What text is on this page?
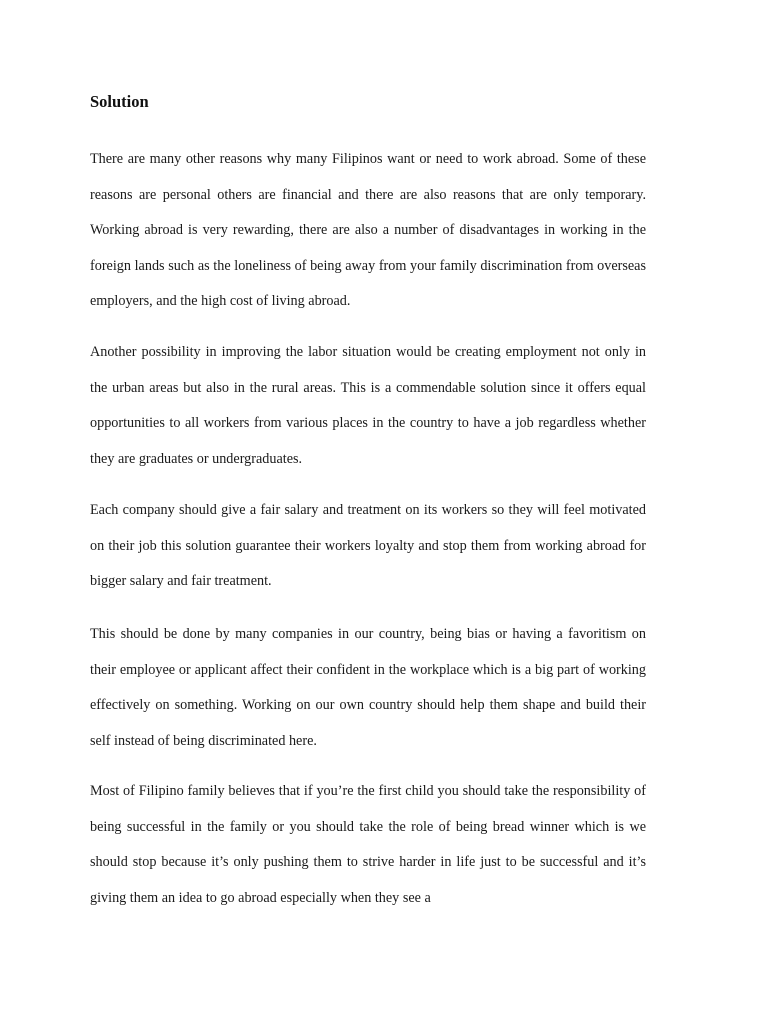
Solution

There are many other reasons why many Filipinos want or need to work abroad. Some of these reasons are personal others are financial and there are also reasons that are only temporary. Working abroad is very rewarding, there are also a number of disadvantages in working in the foreign lands such as the loneliness of being away from your family discrimination from overseas employers, and the high cost of living abroad.

Another possibility in improving the labor situation would be creating employment not only in the urban areas but also in the rural areas. This is a commendable solution since it offers equal opportunities to all workers from various places in the country to have a job regardless whether they are graduates or undergraduates.

Each company should give a fair salary and treatment on its workers so they will feel motivated on their job this solution guarantee their workers loyalty and stop them from working abroad for bigger salary and fair treatment.

This should be done by many companies in our country, being bias or having a favoritism on their employee or applicant affect their confident in the workplace which is a big part of working effectively on something. Working on our own country should help them shape and build their self instead of being discriminated here.

Most of Filipino family believes that if you’re the first child you should take the responsibility of being successful in the family or you should take the role of being bread winner which is we should stop because it’s only pushing them to strive harder in life just to be successful and it’s giving them an idea to go abroad especially when they see a
